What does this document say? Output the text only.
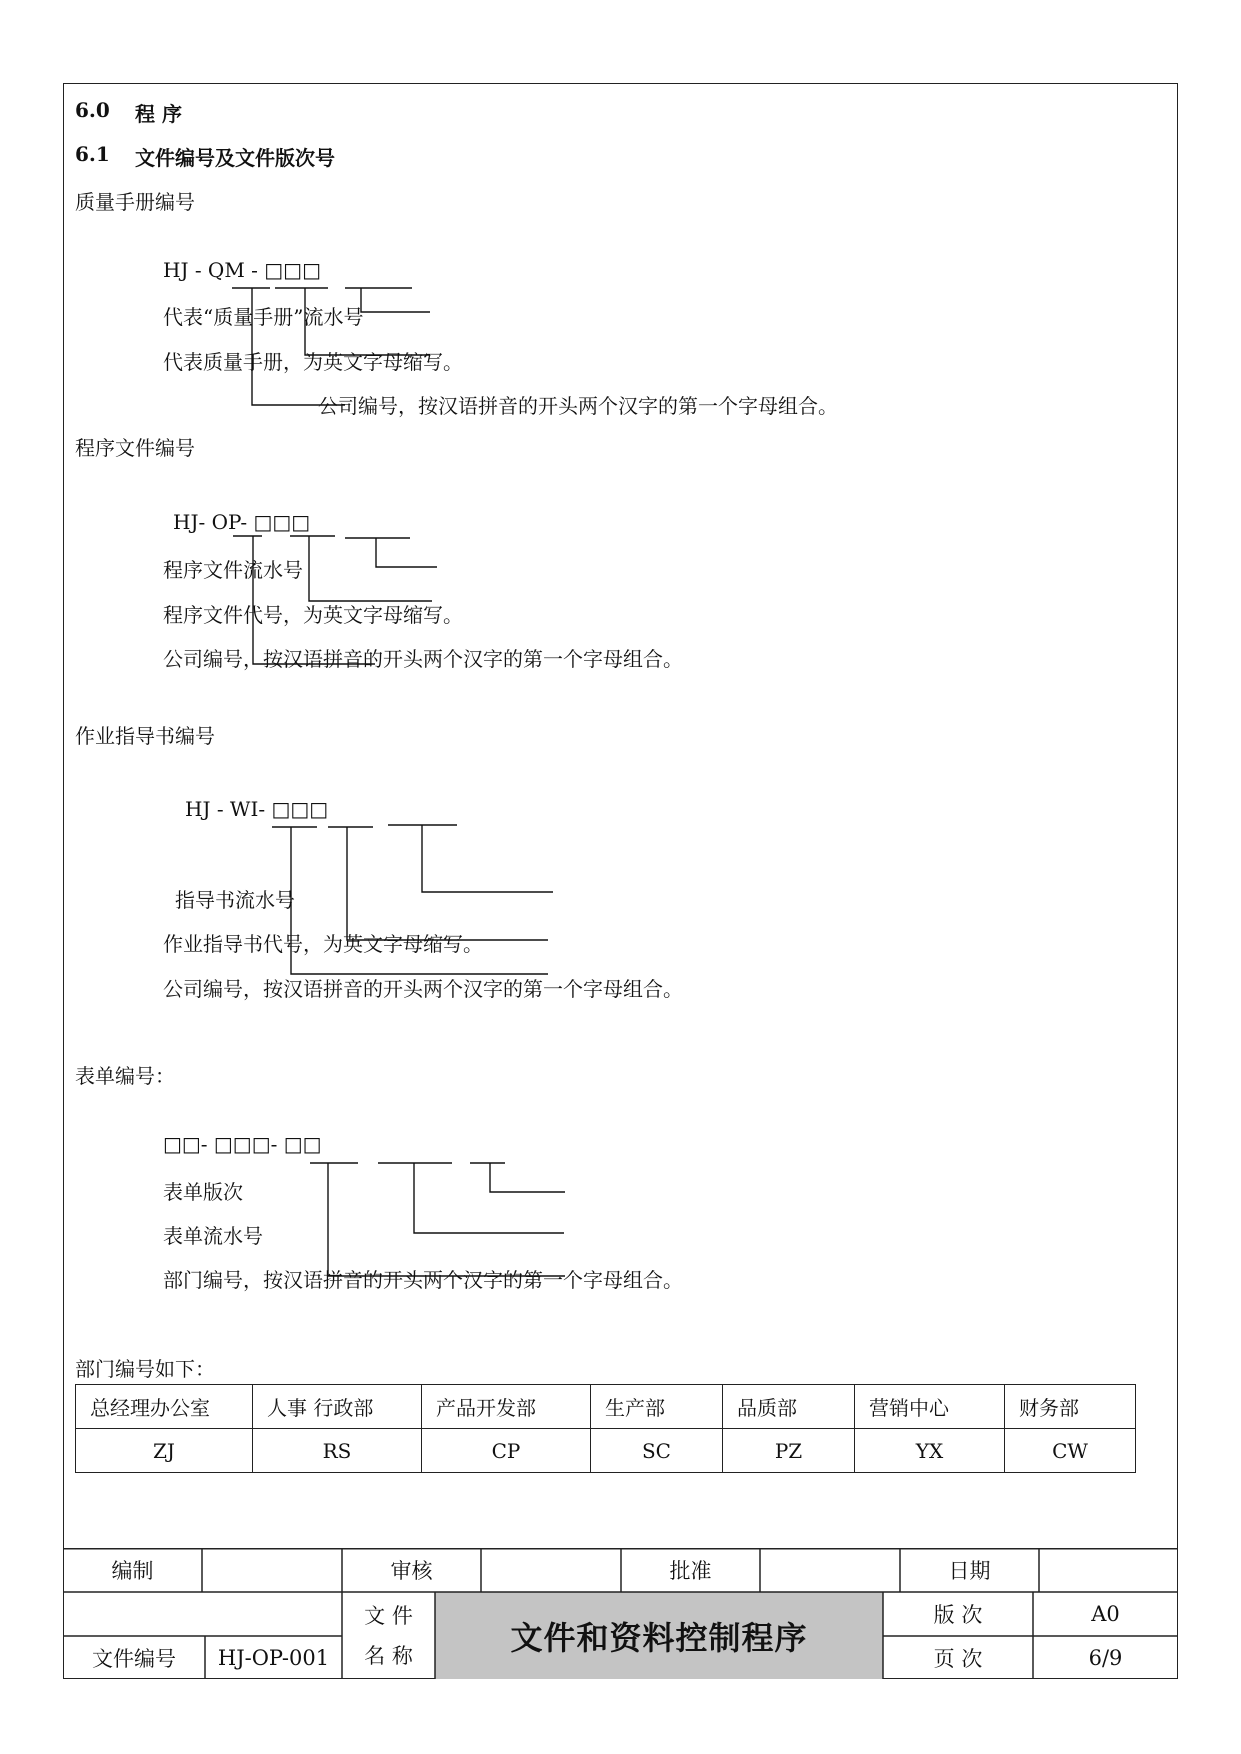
6.0 程 序
6.1 文件编号及文件版次号
质量手册编号
HJ - QM - □□□
代表“质量手册”流水号
代表质量手册，为英文字母缩写。
公司编号，按汉语拼音的开头两个汉字的第一个字母组合。
程序文件编号
HJ- OP- □□□
程序文件流水号
程序文件代号，为英文字母缩写。
公司编号，按汉语拼音的开头两个汉字的第一个字母组合。
作业指导书编号
HJ - WI- □□□
指导书流水号
作业指导书代号，为英文字母缩写。
公司编号，按汉语拼音的开头两个汉字的第一个字母组合。
表单编号：
□□- □□□- □□
表单版次
表单流水号
部门编号，按汉语拼音的开头两个汉字的第一个字母组合。
部门编号如下：
总经理办公室	人事 行政部	产品开发部	生产部	品质部	营销中心	财务部
ZJ	RS	CP	SC	PZ	YX	CW
编制	审核	批准	日期
文件编号	HJ-OP-001
文 件
名 称	文件和资料控制程序
版 次	A0
页 次	6/9
